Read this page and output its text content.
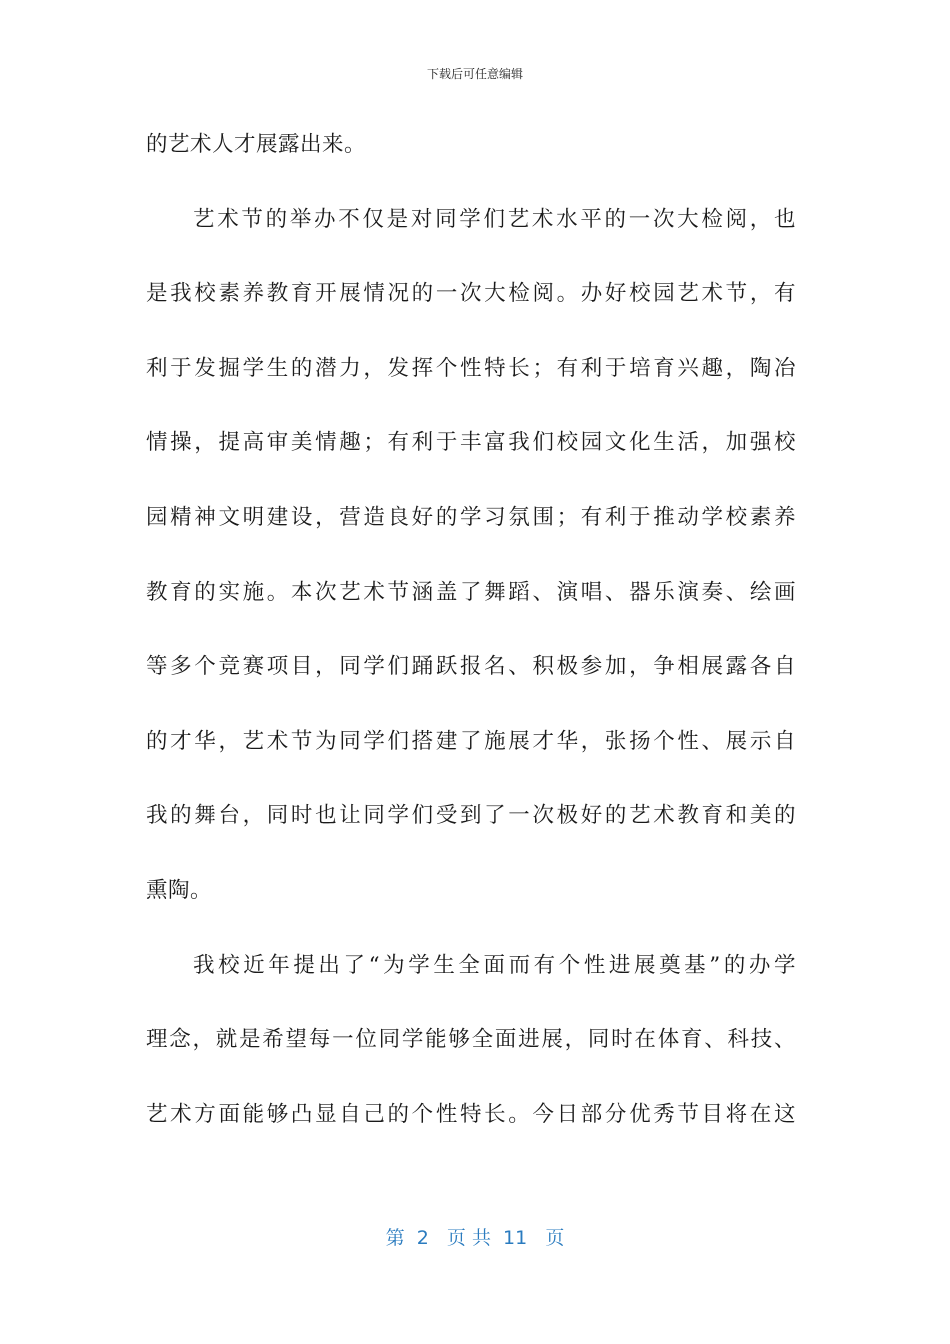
下载后可任意编辑
的艺术人才展露出来。
艺术节的举办不仅是对同学们艺术水平的一次大检阅，也
是我校素养教育开展情况的一次大检阅。办好校园艺术节，有
利于发掘学生的潜力，发挥个性特长；有利于培育兴趣，陶冶
情操，提高审美情趣；有利于丰富我们校园文化生活，加强校
园精神文明建设，营造良好的学习氛围；有利于推动学校素养
教育的实施。本次艺术节涵盖了舞蹈、演唱、器乐演奏、绘画
等多个竞赛项目，同学们踊跃报名、积极参加，争相展露各自
的才华，艺术节为同学们搭建了施展才华，张扬个性、展示自
我的舞台，同时也让同学们受到了一次极好的艺术教育和美的
熏陶。
我校近年提出了“为学生全面而有个性进展奠基”的办学
理念，就是希望每一位同学能够全面进展，同时在体育、科技、
艺术方面能够凸显自己的个性特长。今日部分优秀节目将在这
第  2   页 共  11   页
